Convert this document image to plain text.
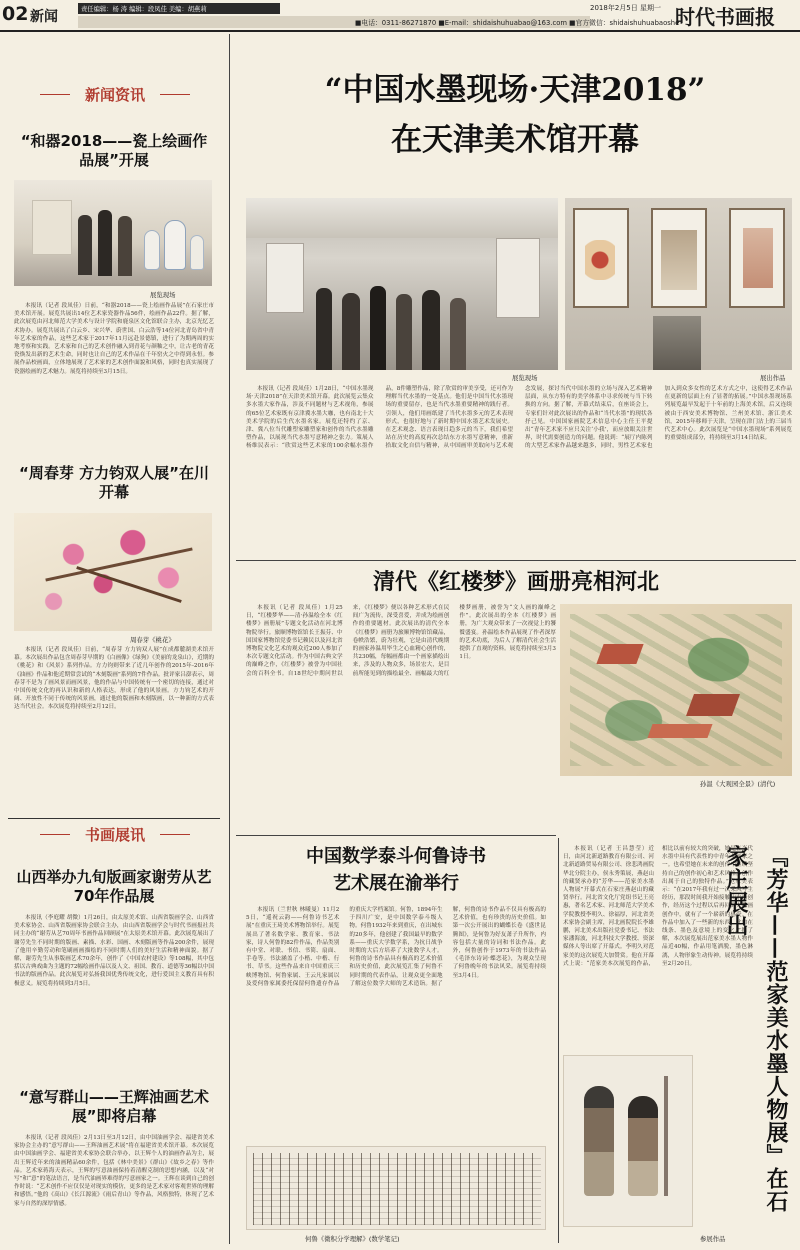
02 新闻	责任编辑：杨 涛 编辑：段凤佳 美编：胡燕莉
■电话：0311-86271870 ■E-mail：shidaishuhuabao@163.com ■官方微信：shidaishuhuabaoshe
2018年2月5日 星期一 时代书画报
新闻资讯
“和器2018——瓷上绘画作品展”开展
展览现场

本报讯（记者 段凤佳）日前，“和器2018——瓷上绘画作品展”在石家庄市美术馆开展。展览共展出14位艺术家瓷器作品56件，绘画作品22件。据了解，此次展览由河北师范大学美术与设计学院和鹿泉区文化馆联合主办，北京光忆艺术协办。展览共展出了白云乡、宋兴华、蔚世国、白云浩等14位河北青岛省中青年艺术家的作品，这些艺术家于2017年11月远赴景德镇，进行了为期两周的实地考察和实践。艺术家和自己的艺术创作融入到青花与颜釉之中，让古老的青花瓷焕发出新的艺术生命，同时也让自己的艺术作品在千年窑火之中得到永恒。参展作品校画面，立体地展现了艺术家的艺术创作面貌和风格，同时也真实展现了瓷器绘画的艺术魅力。展览将持续至3月15日。

“周春芽 方力钧双人展”在川开幕
周春芽《桃花》

本报讯（记者 段凤佳）日前，“周春芽 方力钧双人展”在成都麓湖美术馆开幕。本次展出作品包含周春芽早期的《白画像》《绿狗》《美丽的龙泉山》，近期的《桃花》和《风景》系列作品。方力钧则带来了近几年创作的2015年-2016年《油画》作品和他近期常尝试的“木刻版画”系列的7件作品。批评家吕澎表示，周春芽不是为了画风景而画风景，他的作品与中国传统有一个密切的连接，通过对中国传统文化的再认识和新的人格表达，形成了他的风景画。方力钧艺术的开阔、开放性不同于传统的风景画，通过他的版画和木刻版画，以一种新的方式表达当代社会。本次展览将持续至2月12日。

书画展讯
山西举办九旬版画家谢劳从艺70年作品展

本报讯（李庭耀 胡微）1月26日，由太原美术馆、山西省版画学会、山西省美术家协会、山西省版画家协会联合主办，由山西省版画学会与时代书画报社共同主办的“谢劳从艺70周年书画作品回顾展”在太原美术馆开幕。此次展览展出了谢劳先生不同时期的版画、素描、水彩、国画、木刻版画等作品200余件，展现了他用辛勤劳动和笔刷画画描绘的不同时期人们的美好生活和精神面貌。据了解，谢劳先生从事版画艺术70余年，创作了《中国农村建设》等108幅，其中包括以古典戏曲为主题的72幅绘画作品以及人文、祖国、教育、道德等36幅以中国书法的版画作品。此次展览对弘扬我国优秀传统文化，进行爱国主义教育具有积极意义。展览将持续到3月5日。

“意写群山——王辉油画艺术展”即将启幕

本报讯（记者 段凤佳）2月13日至3月12日，由中国油画学会、福建省美术家协会主办的“意写群山——王辉油画艺术展”将在福建省美术馆开幕。本次展览由中国油画学会、福建省美术家协会联合举办，以王辉个人的油画作品为主，展出王辉近年来的油画精品60余件，包括《林中美景》《群山》《故乡之春》等作品。艺术家蒋海天表示，王辉的写意油画保持着清醒克制的思想内涵，以及“对写”和“意”的笔法语言，是当代油画界难得的写意画家之一。王辉在谈到自己的创作时说：“艺术创作不应仅仅是对现实的模仿，更多的是艺术家对客观世界的理解和感悟。”他的《高山》《长江源流》《雨后青山》等作品，风格独特，体现了艺术家与自然的深厚情感。

“中国水墨现场·天津2018”
在天津美术馆开幕
展览现场	展出作品

本报讯（记者 段凤佳）1月28日，“中国水墨现场·天津2018”在天津美术馆开幕。此次展览云集众多水墨大家作品，涉及不同题材与艺术视角，参展的65位艺术家既有京津冀水墨大咖，也有南北十大美术学院的后生代水墨名家。展览还特约了京、津、冀八位当代雕塑家雕塑家和创作的当代水墨雕塑作品，以展现当代水墨写意精神之张力。策展人杨维民表示：“欣赏这些艺术家的100余幅水墨作品，8件雕塑作品，除了欣赏的审美享受，还可作为理解当代水墨的一处基点。他们是中国当代水墨现场的重要留存，也是当代水墨重要精神的践行者。引领人，他们用画纸建了当代水墨多元的艺术表现形式，也很好地与了新时期中国水墨艺术发展史。在艺术观念、语言表现日趋多元的当下，我们希望站在历史的高度再次总结东方水墨写意精神，重新拾取文化自信与精神，从中国画审美取向与艺术观念发展，探讨当代中国水墨的立场与深入艺术精神层面，从东方特有的美学体系中寻求传统与当下转换的方向。据了解，开幕式结束后，在座谈会上，专家们针对此次展出的作品和“当代水墨”的现状各抒己见。中国国家画院艺术信息中心主任王平提出“青年艺术家不应只关注‘小我’，而应放眼关注世界，时代需要创造力的问题。他说到：“展厅内陈列的大型艺术家作品越来越多，同时，男性艺术家也加入到众多女性的艺术方式之中，这使得艺术作品在更新的层面上有了显著的拓展。”中国水墨现场系列展览最早发起于十年前的上海美术馆，后又连续被由于西安美术博物馆、兰州美术馆、浙江美术馆，2015年移师于天津，呈现在津门沽上的三届当代艺术中心。此次展览是“中国水墨现场”系列展览的重要组成部分，将持续至3月14日结束。

清代《红楼梦》画册亮相河北

本报讯（记者 段凤佳）1月25日，“红楼梦华——清·孙温绘全本《红楼梦》画册展”专题文化活动在河北博物院举行。旅顺博物馆馆长王振芬、中国国家博物馆党委书记赖民以及河北省博物院文化艺术的观众近200人参加了本次专题文化活动。作为中国古典文学的巅峰之作，《红楼梦》被誉为中国社会的百科全书。自18世纪中期问世以来，《红楼梦》便以各种艺术形式在民间广为流传，深受喜爱，并成为绘画创作的重要题材。此次展出的清代全本《红楼梦》画册为旅顺博物馆馆藏品，卷帙浩繁，蔚为壮观，它是由清代晚期的画家孙温用毕生之心血精心创作的，共230幅，每幅画都由一个画家描绘出来，涉及的人物众多，场景宏大，是目前所能见到的描绘最全、画幅最大的红楼梦画册，被誉为“文人画的巅峰之作”。此次展出的全本《红楼梦》画册，为广大观众带来了一次视觉上的饕餮盛宴。孙温绘本作品展现了作者深厚的艺术功底，为后人了解清代社会生活提供了直观的资料。展览将持续至3月31日。

孙温《大观园全景》(清代)
中国数学泰斗何鲁诗书
艺术展在渝举行

本报讯（兰世秋 林曦曼）11月25日，“遥祝云韵——何鲁诗书艺术展”在重庆王琦美术博物馆举行。展览展出了著名数学家、教育家、书法家，诗人何鲁的82件作品，作品类别有中堂、对联、书信、书简、扇面、手卷等。书法涵盖了小楷、中楷、行书、草书。这些作品来自中国重庆三峡博物馆、何鲁家属、王云凡家属以及爱何鲁家属委托保留何鲁遗存作品的重庆大学档案馆。何鲁，1894年生于四川广安，是中国数学泰斗级人物。何鲁1932年来到重庆，在出城东的20多年，他创建了我国最早的数学系——重庆大学数学系，为抗日战争时期的大后方培养了大批数学人才。何鲁的诗书作品具有极高的艺术价值和历史价值，此次展览汇集了何鲁不同时期的代表作品，让观众更全面地了解这位数学大师的艺术造诣。据了解，何鲁的诗书作品不仅具有极高的艺术价值，也有珍贵的历史价值。如第一次公开展出的蝴蝶长卷《盛世昆腾图》，是何鲁为好友萧子升所作，内容包括大量的诗词和书法作品。此外，何鲁创作于1973年的书法作品《毛泽东诗词·蝶恋花》，为观众呈现了何鲁晚年的书法风采。展览将持续至3月4日。

何鲁《微积分学理解》(数学笔记)

本报讯（记者 王昌慧莹）近日，由河北新道路教育有限公司、河北新道路贸易有限公司、徐悲鸿画院华北分院主办，侯永秀策展，燕赵山的藏贤承办的“芳华——范家美水墨人物展”开幕式在石家庄燕赵山的藏贤举行。河北省文化厅党组书记王亮惠，著名艺术家、河北师范大学美术学院教授李明久、徐福厚，河北省美术家协会副主席，河北画院院长李雄鹏，河北美术出版社党委书记、书法家潘海波，河北科技大学教授、资深媒体人等出席了开幕式。李明久对范家美的这次展览大加赞赏。他在开幕式上说：“范家美本次展览的作品，相比以前有较大的突破，她是在当代水墨中具有代表性的中青年女画家之一。也希望她在未来的创作中继续坚持自己的创作初心和艺术风格，创作出属于自己的独特作品。”范家美表示：“在2017年我有过一次采风写生经历，那段时间我开始接触山水画创作，经历这个过程以后再回到人物画创作中，就有了一个崭新的感受。在作品中加入了一些新的东西，比如在线条、墨色及意境上的变化。”据了解，本次展览展出范家美水墨人物作品近40幅，作品用笔洒脱，墨色淋漓，人物形象生动传神。展览将持续至2月20日。	『芳华——范家美水墨人物展』在石家庄展出
参展作品
